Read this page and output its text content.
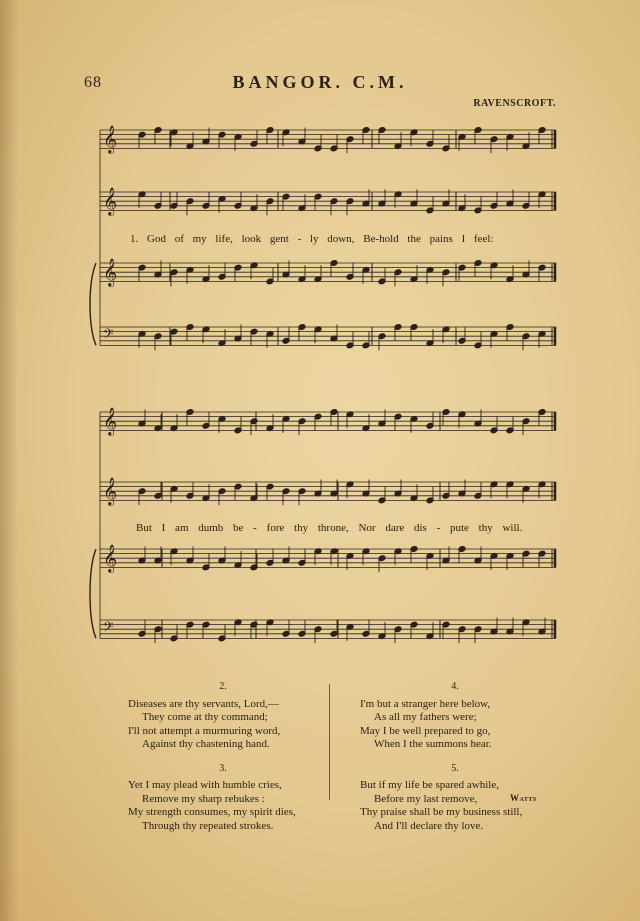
68	BANGOR. C.M.
RAVENSCROFT.
𝄞
𝄞
𝄞
𝄢
𝄞
𝄞
𝄞
𝄢
1. God of my life, look gent - ly down, Be-hold the pains I feel:
But I am dumb be - fore thy throne, Nor dare dis - pute thy will.
2.
Diseases are thy servants, Lord,—
They come at thy command;
I'll not attempt a murmuring word,
Against thy chastening hand.
3.
Yet I may plead with humble cries,
Remove my sharp rebukes :
My strength consumes, my spirit dies,
Through thy repeated strokes.
4.
I'm but a stranger here below,
As all my fathers were;
May I be well prepared to go,
When I the summons hear.
5.
But if my life be spared awhile,
Before my last remove,
Thy praise shall be my business still,
And I'll declare thy love.
Watts
